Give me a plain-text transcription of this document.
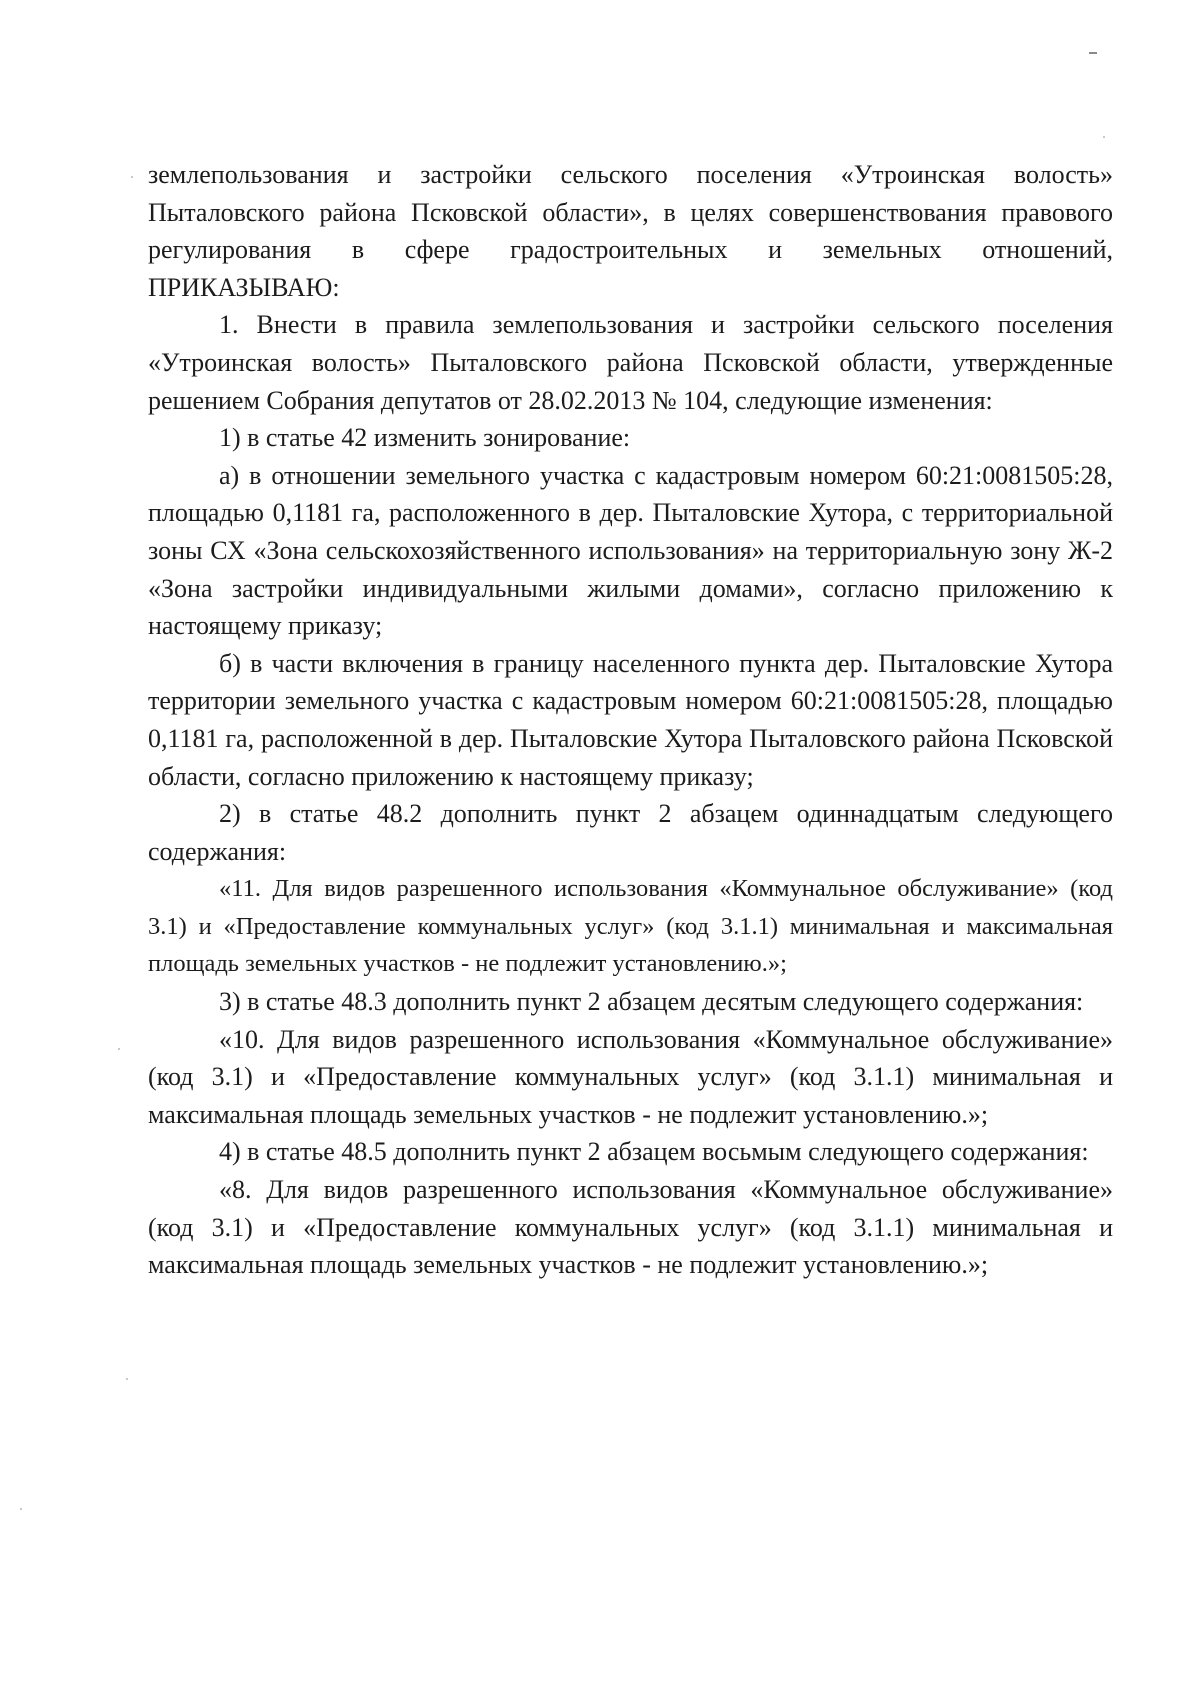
землепользования и застройки сельского поселения «Утроинская волость» Пыталовского района Псковской области», в целях совершенствования правового регулирования в сфере градостроительных и земельных отношений,

ПРИКАЗЫВАЮ:

1. Внести в правила землепользования и застройки сельского поселения «Утроинская волость» Пыталовского района Псковской области, утвержденные решением Собрания депутатов от 28.02.2013 № 104, следующие изменения:

1) в статье 42 изменить зонирование:

а) в отношении земельного участка с кадастровым номером 60:21:0081505:28, площадью 0,1181 га, расположенного в дер. Пыталовские Хутора, с территориальной зоны СХ «Зона сельскохозяйственного использования» на территориальную зону Ж-2 «Зона застройки индивидуальными жилыми домами», согласно приложению к настоящему приказу;

б) в части включения в границу населенного пункта дер. Пыталовские Хутора территории земельного участка с кадастровым номером 60:21:0081505:28, площадью 0,1181 га, расположенной в дер. Пыталовские Хутора Пыталовского района Псковской области, согласно приложению к настоящему приказу;

2) в статье 48.2 дополнить пункт 2 абзацем одиннадцатым следующего содержания:

«11. Для видов разрешенного использования «Коммунальное обслуживание» (код 3.1) и «Предоставление коммунальных услуг» (код 3.1.1) минимальная и максимальная площадь земельных участков - не подлежит установлению.»;

3) в статье 48.3 дополнить пункт 2 абзацем десятым следующего содержания:

«10. Для видов разрешенного использования «Коммунальное обслуживание» (код 3.1) и «Предоставление коммунальных услуг» (код 3.1.1) минимальная и максимальная площадь земельных участков - не подлежит установлению.»;

4) в статье 48.5 дополнить пункт 2 абзацем восьмым следующего содержания:

«8. Для видов разрешенного использования «Коммунальное обслуживание» (код 3.1) и «Предоставление коммунальных услуг» (код 3.1.1) минимальная и максимальная площадь земельных участков - не подлежит установлению.»;
